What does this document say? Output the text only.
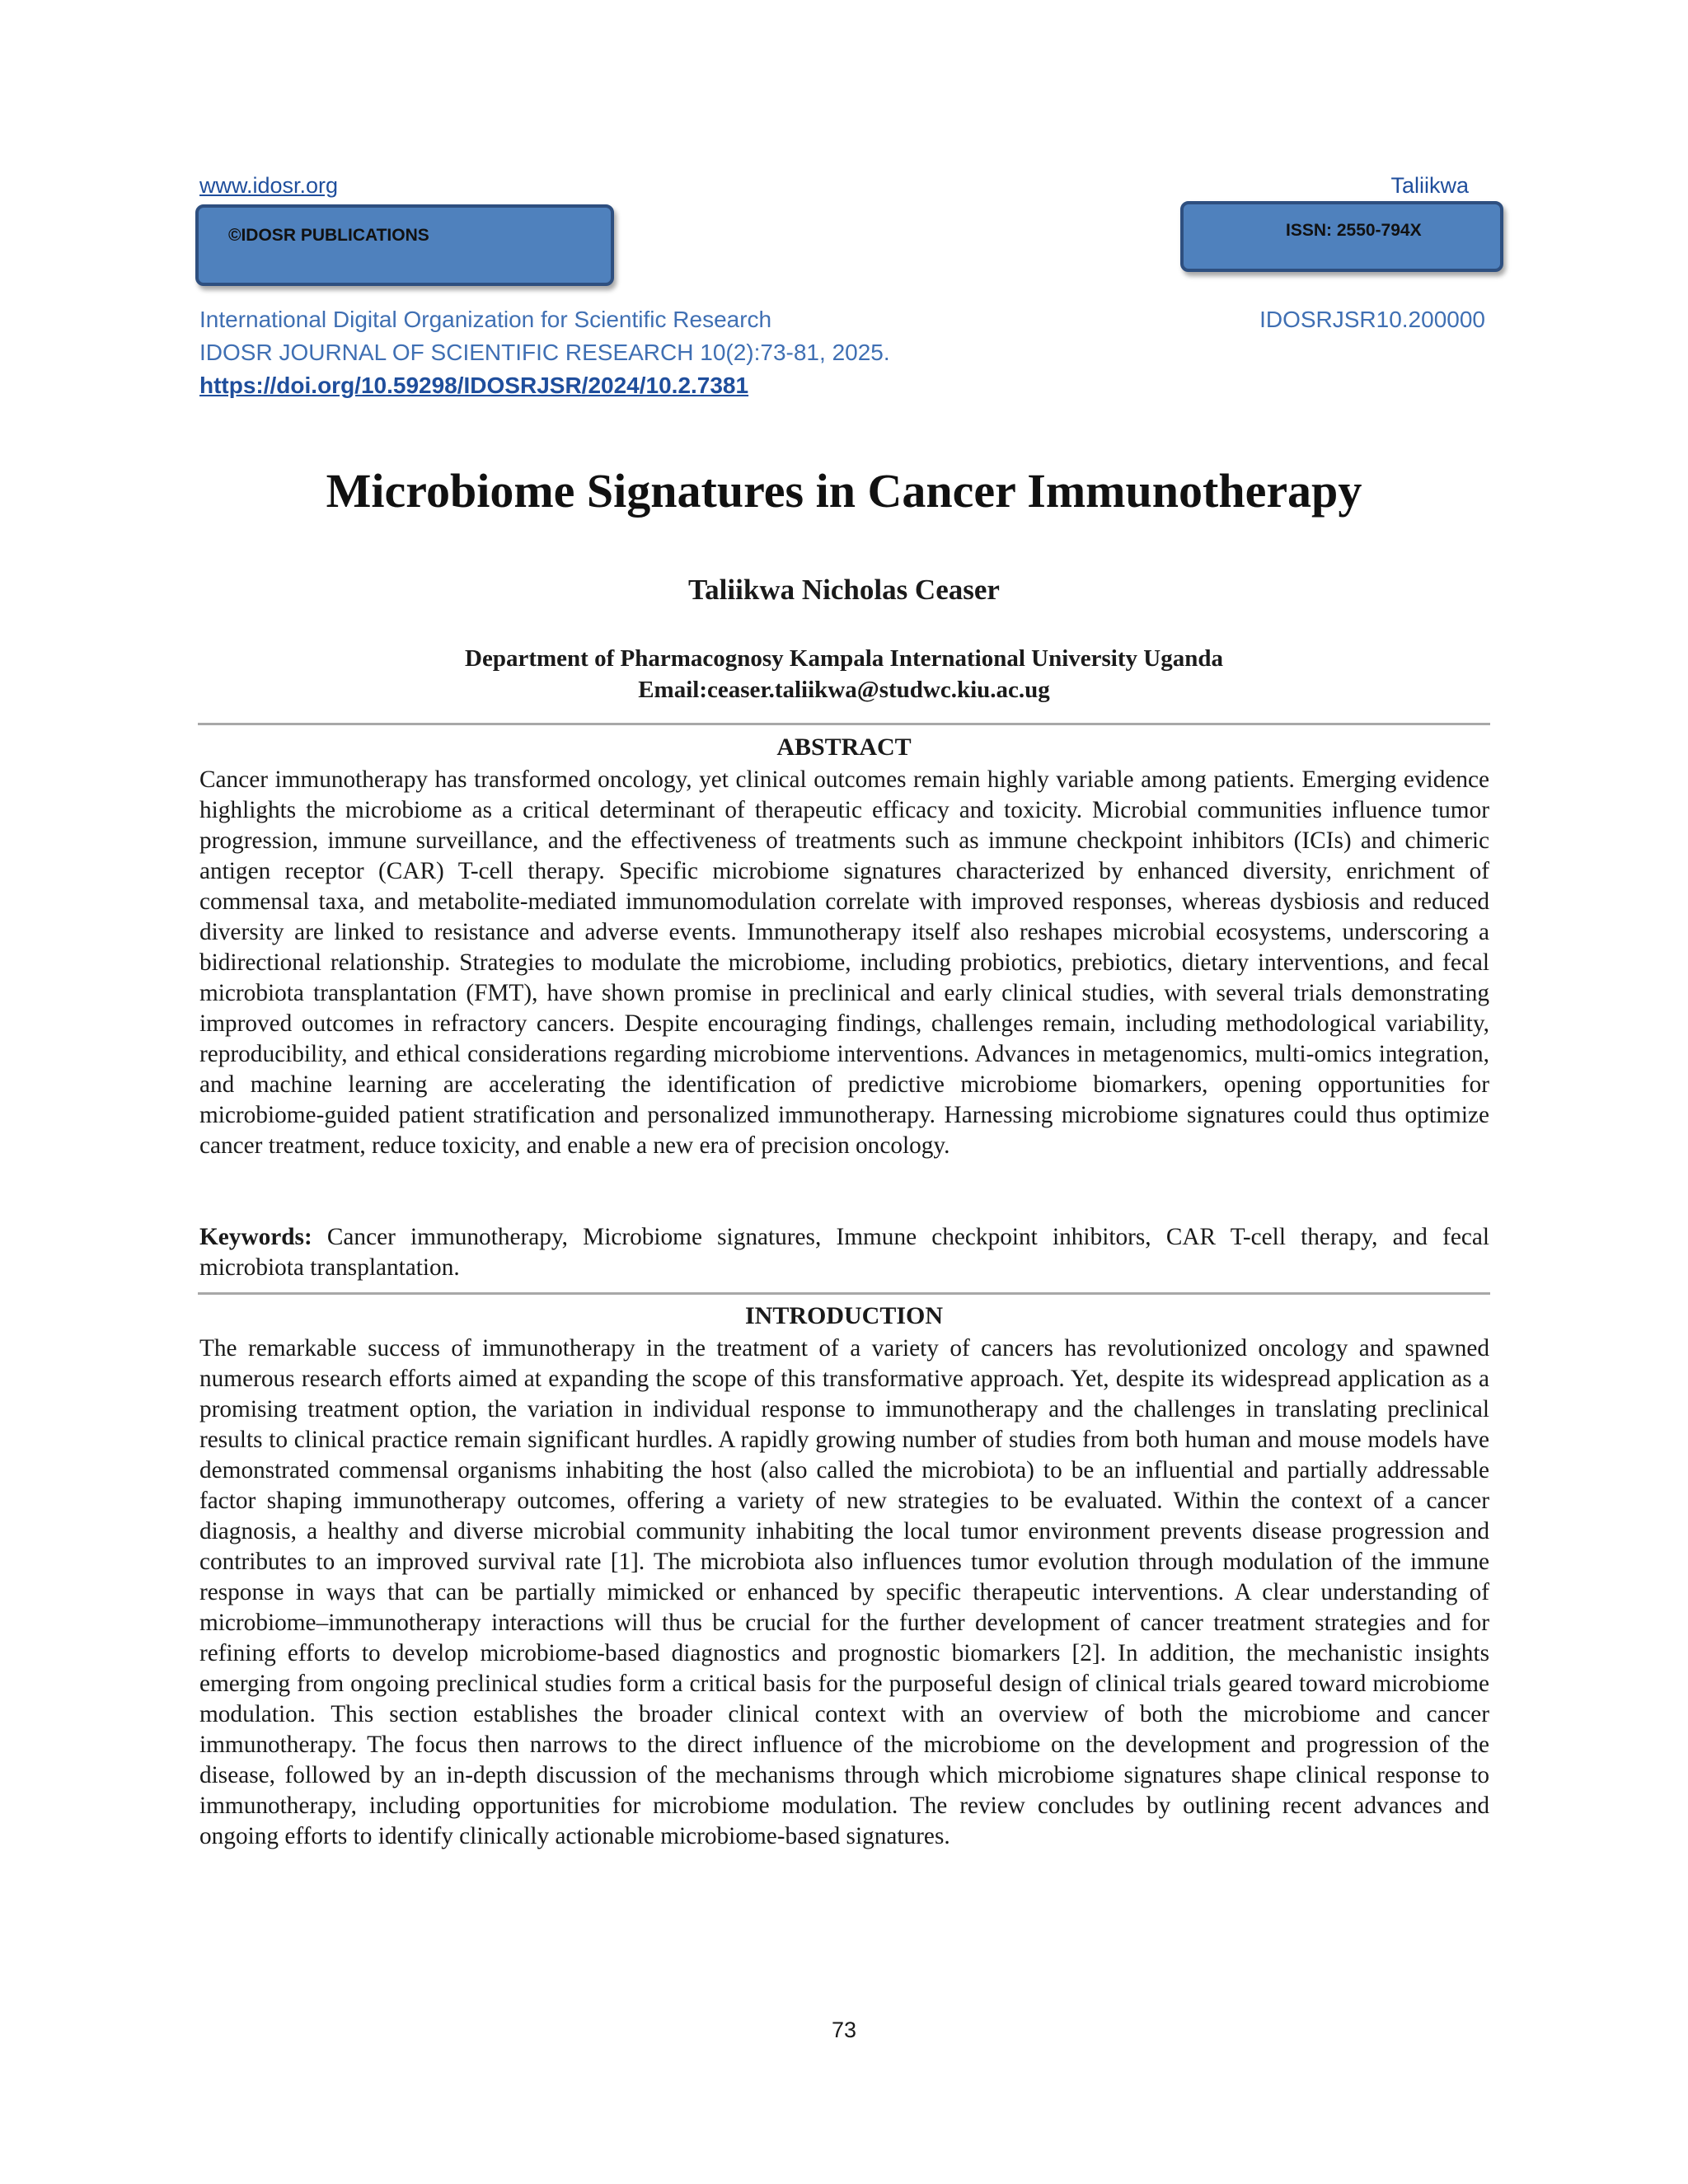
www.idosr.org	Taliikwa
©IDOSR PUBLICATIONS	ISSN: 2550-794X
International Digital Organization for Scientific Research
IDOSR JOURNAL OF SCIENTIFIC RESEARCH 10(2):73-81, 2025.
https://doi.org/10.59298/IDOSRJSR/2024/10.2.7381
IDOSRJSR10.200000
Microbiome Signatures in Cancer Immunotherapy
Taliikwa Nicholas Ceaser
Department of Pharmacognosy Kampala International University Uganda
Email:ceaser.taliikwa@studwc.kiu.ac.ug
ABSTRACT

Cancer immunotherapy has transformed oncology, yet clinical outcomes remain highly variable among patients. Emerging evidence highlights the microbiome as a critical determinant of therapeutic efficacy and toxicity. Microbial communities influence tumor progression, immune surveillance, and the effectiveness of treatments such as immune checkpoint inhibitors (ICIs) and chimeric antigen receptor (CAR) T-cell therapy. Specific microbiome signatures characterized by enhanced diversity, enrichment of commensal taxa, and metabolite-mediated immunomodulation correlate with improved responses, whereas dysbiosis and reduced diversity are linked to resistance and adverse events. Immunotherapy itself also reshapes microbial ecosystems, underscoring a bidirectional relationship. Strategies to modulate the microbiome, including probiotics, prebiotics, dietary interventions, and fecal microbiota transplantation (FMT), have shown promise in preclinical and early clinical studies, with several trials demonstrating improved outcomes in refractory cancers. Despite encouraging findings, challenges remain, including methodological variability, reproducibility, and ethical considerations regarding microbiome interventions. Advances in metagenomics, multi-omics integration, and machine learning are accelerating the identification of predictive microbiome biomarkers, opening opportunities for microbiome-guided patient stratification and personalized immunotherapy. Harnessing microbiome signatures could thus optimize cancer treatment, reduce toxicity, and enable a new era of precision oncology.

Keywords: Cancer immunotherapy, Microbiome signatures, Immune checkpoint inhibitors, CAR T-cell therapy, and fecal microbiota transplantation.

INTRODUCTION

The remarkable success of immunotherapy in the treatment of a variety of cancers has revolutionized oncology and spawned numerous research efforts aimed at expanding the scope of this transformative approach. Yet, despite its widespread application as a promising treatment option, the variation in individual response to immunotherapy and the challenges in translating preclinical results to clinical practice remain significant hurdles. A rapidly growing number of studies from both human and mouse models have demonstrated commensal organisms inhabiting the host (also called the microbiota) to be an influential and partially addressable factor shaping immunotherapy outcomes, offering a variety of new strategies to be evaluated. Within the context of a cancer diagnosis, a healthy and diverse microbial community inhabiting the local tumor environment prevents disease progression and contributes to an improved survival rate [1]. The microbiota also influences tumor evolution through modulation of the immune response in ways that can be partially mimicked or enhanced by specific therapeutic interventions. A clear understanding of microbiome–immunotherapy interactions will thus be crucial for the further development of cancer treatment strategies and for refining efforts to develop microbiome-based diagnostics and prognostic biomarkers [2]. In addition, the mechanistic insights emerging from ongoing preclinical studies form a critical basis for the purposeful design of clinical trials geared toward microbiome modulation. This section establishes the broader clinical context with an overview of both the microbiome and cancer immunotherapy. The focus then narrows to the direct influence of the microbiome on the development and progression of the disease, followed by an in-depth discussion of the mechanisms through which microbiome signatures shape clinical response to immunotherapy, including opportunities for microbiome modulation. The review concludes by outlining recent advances and ongoing efforts to identify clinically actionable microbiome-based signatures.

73
